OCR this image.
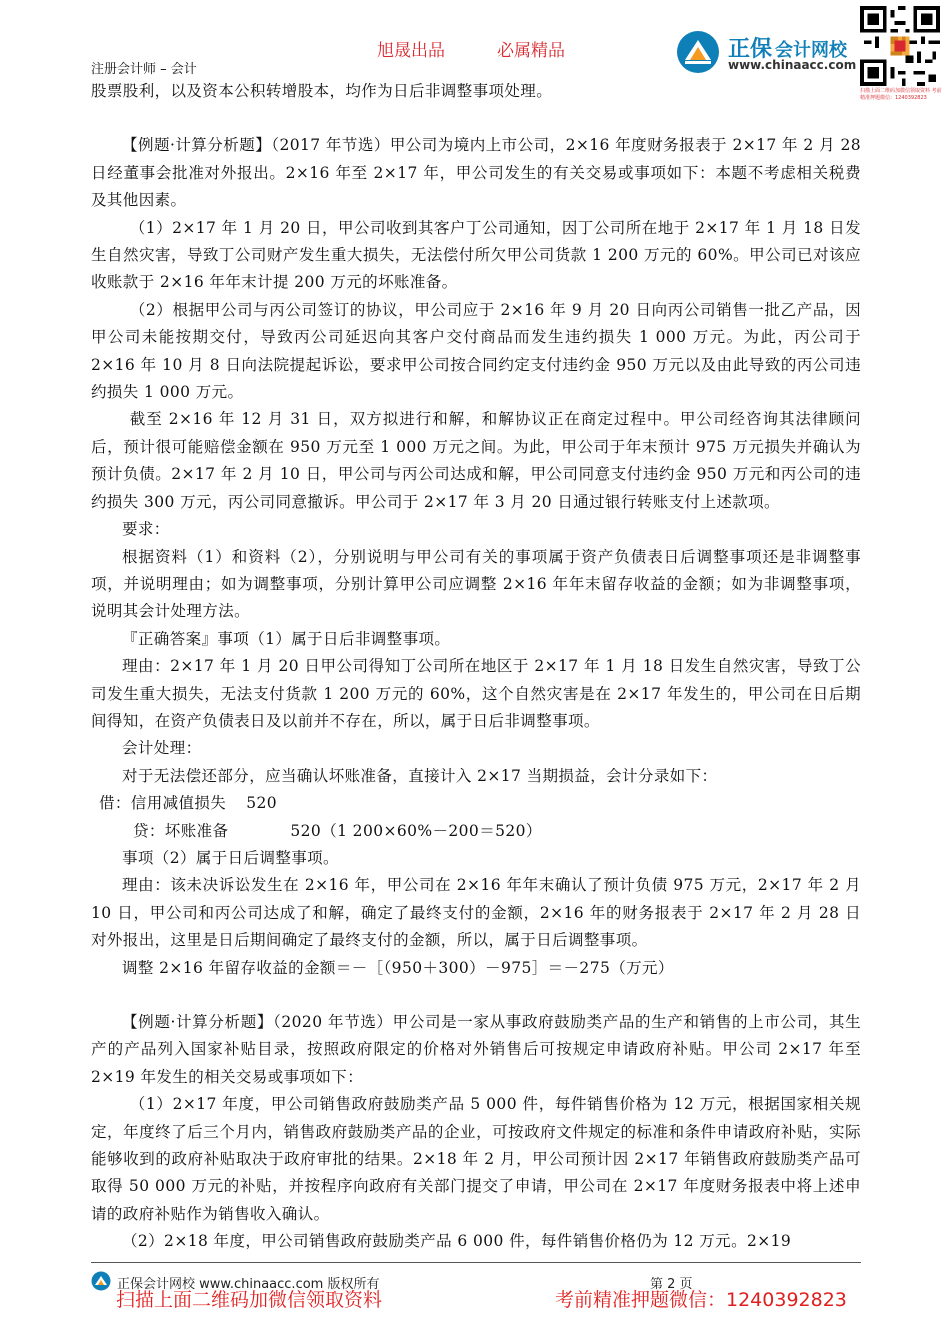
旭晟出品	必属精品
注册会计师 – 会计
正保 会计网校
www.chinaacc.com
扫描上面二维码加微信领取资料 考前精准押题微信：1240392823

股票股利，以及资本公积转增股本，均作为日后非调整事项处理。

【例题·计算分析题】（2017 年节选）甲公司为境内上市公司，2×16 年度财务报表于 2×17 年 2 月 28 日经董事会批准对外报出。2×16 年至 2×17 年，甲公司发生的有关交易或事项如下：本题不考虑相关税费及其他因素。

（1）2×17 年 1 月 20 日，甲公司收到其客户丁公司通知，因丁公司所在地于 2×17 年 1 月 18 日发生自然灾害，导致丁公司财产发生重大损失，无法偿付所欠甲公司货款 1 200 万元的 60%。甲公司已对该应收账款于 2×16 年年末计提 200 万元的坏账准备。

（2）根据甲公司与丙公司签订的协议，甲公司应于 2×16 年 9 月 20 日向丙公司销售一批乙产品，因甲公司未能按期交付，导致丙公司延迟向其客户交付商品而发生违约损失 1 000 万元。为此，丙公司于 2×16 年 10 月 8 日向法院提起诉讼，要求甲公司按合同约定支付违约金 950 万元以及由此导致的丙公司违约损失 1 000 万元。

截至 2×16 年 12 月 31 日，双方拟进行和解，和解协议正在商定过程中。甲公司经咨询其法律顾问后，预计很可能赔偿金额在 950 万元至 1 000 万元之间。为此，甲公司于年末预计 975 万元损失并确认为预计负债。2×17 年 2 月 10 日，甲公司与丙公司达成和解，甲公司同意支付违约金 950 万元和丙公司的违约损失 300 万元，丙公司同意撤诉。甲公司于 2×17 年 3 月 20 日通过银行转账支付上述款项。

要求：

根据资料（1）和资料（2），分别说明与甲公司有关的事项属于资产负债表日后调整事项还是非调整事项，并说明理由；如为调整事项，分别计算甲公司应调整 2×16 年年末留存收益的金额；如为非调整事项，说明其会计处理方法。

『正确答案』事项（1）属于日后非调整事项。

理由：2×17 年 1 月 20 日甲公司得知丁公司所在地区于 2×17 年 1 月 18 日发生自然灾害，导致丁公司发生重大损失，无法支付货款 1 200 万元的 60%，这个自然灾害是在 2×17 年发生的，甲公司在日后期间得知，在资产负债表日及以前并不存在，所以，属于日后非调整事项。

会计处理：

对于无法偿还部分，应当确认坏账准备，直接计入 2×17 当期损益，会计分录如下：

借：信用减值损失 520

贷：坏账准备	520（1 200×60%－200＝520）

事项（2）属于日后调整事项。

理由：该未决诉讼发生在 2×16 年，甲公司在 2×16 年年末确认了预计负债 975 万元，2×17 年 2 月 10 日，甲公司和丙公司达成了和解，确定了最终支付的金额，2×16 年的财务报表于 2×17 年 2 月 28 日对外报出，这里是日后期间确定了最终支付的金额，所以，属于日后调整事项。

调整 2×16 年留存收益的金额＝－［（950＋300）－975］＝－275（万元）

【例题·计算分析题】（2020 年节选）甲公司是一家从事政府鼓励类产品的生产和销售的上市公司，其生产的产品列入国家补贴目录，按照政府限定的价格对外销售后可按规定申请政府补贴。甲公司 2×17 年至 2×19 年发生的相关交易或事项如下：

（1）2×17 年度，甲公司销售政府鼓励类产品 5 000 件，每件销售价格为 12 万元，根据国家相关规定，年度终了后三个月内，销售政府鼓励类产品的企业，可按政府文件规定的标准和条件申请政府补贴，实际能够收到的政府补贴取决于政府审批的结果。2×18 年 2 月，甲公司预计因 2×17 年销售政府鼓励类产品可取得 50 000 万元的补贴，并按程序向政府有关部门提交了申请，甲公司在 2×17 年度财务报表中将上述申请的政府补贴作为销售收入确认。

（2）2×18 年度，甲公司销售政府鼓励类产品 6 000 件，每件销售价格仍为 12 万元。2×19

正保会计网校 www.chinaacc.com 版权所有	第 2 页
扫描上面二维码加微信领取资料	考前精准押题微信：1240392823
